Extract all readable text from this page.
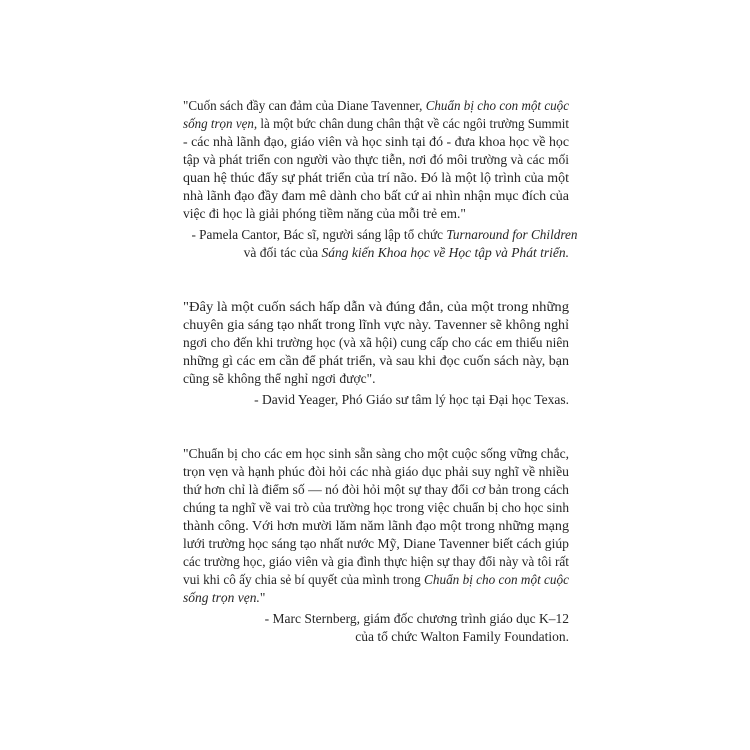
"Cuốn sách đầy can đảm của Diane Tavenner, Chuẩn bị cho con một cuộc
sống trọn vẹn, là một bức chân dung chân thật về các ngôi trường Summit
- các nhà lãnh đạo, giáo viên và học sinh tại đó - đưa khoa học về học
tập và phát triển con người vào thực tiễn, nơi đó môi trường và các mối
quan hệ thúc đẩy sự phát triển của trí não. Đó là một lộ trình của một
nhà lãnh đạo đầy đam mê dành cho bất cứ ai nhìn nhận mục đích của
việc đi học là giải phóng tiềm năng của mỗi trẻ em."
- Pamela Cantor, Bác sĩ, người sáng lập tổ chức Turnaround for Children
và đối tác của Sáng kiến Khoa học về Học tập và Phát triển.
"Đây là một cuốn sách hấp dẫn và đúng đắn, của một trong những
chuyên gia sáng tạo nhất trong lĩnh vực này. Tavenner sẽ không nghỉ
ngơi cho đến khi trường học (và xã hội) cung cấp cho các em thiếu niên
những gì các em cần để phát triển, và sau khi đọc cuốn sách này, bạn
cũng sẽ không thể nghỉ ngơi được".
- David Yeager, Phó Giáo sư tâm lý học tại Đại học Texas.
"Chuẩn bị cho các em học sinh sẵn sàng cho một cuộc sống vững chắc,
trọn vẹn và hạnh phúc đòi hỏi các nhà giáo dục phải suy nghĩ về nhiều
thứ hơn chỉ là điểm số — nó đòi hỏi một sự thay đổi cơ bản trong cách
chúng ta nghĩ về vai trò của trường học trong việc chuẩn bị cho học sinh
thành công. Với hơn mười lăm năm lãnh đạo một trong những mạng
lưới trường học sáng tạo nhất nước Mỹ, Diane Tavenner biết cách giúp
các trường học, giáo viên và gia đình thực hiện sự thay đổi này và tôi rất
vui khi cô ấy chia sẻ bí quyết của mình trong Chuẩn bị cho con một cuộc
sống trọn vẹn."
- Marc Sternberg, giám đốc chương trình giáo dục K–12
của tổ chức Walton Family Foundation.
